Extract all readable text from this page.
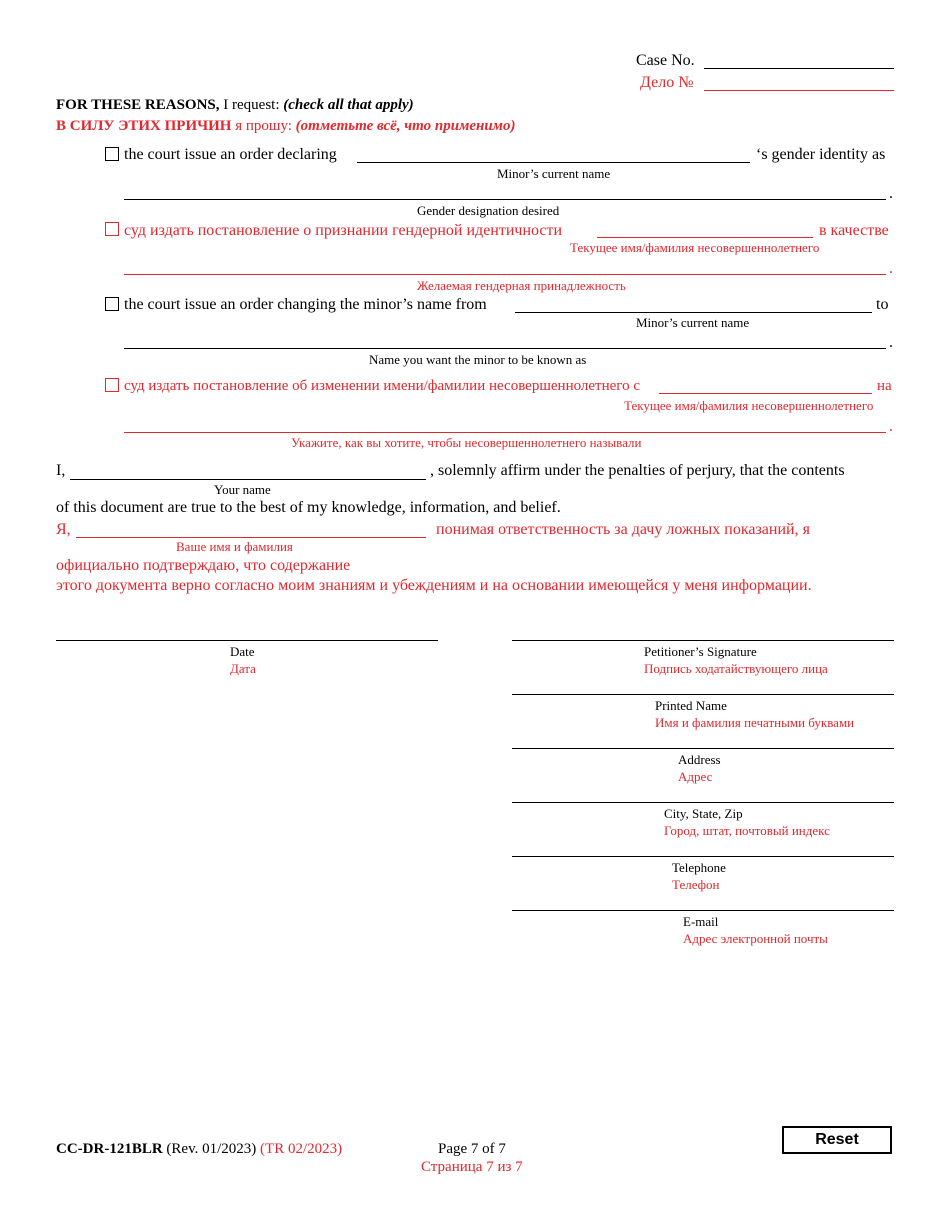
Case No.
Дело №
FOR THESE REASONS, I request: (check all that apply)
В СИЛУ ЭТИХ ПРИЧИН я прошу: (отметьте всё, что применимо)
the court issue an order declaring	‘s gender identity as
Minor’s current name
.
Gender designation desired
суд издать постановление о признании гендерной идентичности	в качестве
Текущее имя/фамилия несовершеннолетнего
.
Желаемая гендерная принадлежность
the court issue an order changing the minor’s name from	to
Minor’s current name
.
Name you want the minor to be known as
суд издать постановление об изменении имени/фамилии несовершеннолетнего с	на
Текущее имя/фамилия несовершеннолетнего
.
Укажите, как вы хотите, чтобы несовершеннолетнего называли
I,	, solemnly affirm under the penalties of perjury, that the contents
Your name
of this document are true to the best of my knowledge, information, and belief.
Я,	понимая ответственность за дачу ложных показаний, я
Ваше имя и фамилия
официально подтверждаю, что содержание
этого документа верно согласно моим знаниям и убеждениям и на основании имеющейся у меня информации.
Date
Дата
Petitioner’s Signature
Подпись ходатайствующего лица
Printed Name
Имя и фамилия печатными буквами
Address
Адрес
City, State, Zip
Город, штат, почтовый индекс
Telephone
Телефон
E-mail
Адрес электронной почты
CC-DR-121BLR (Rev. 01/2023) (TR 02/2023)	Page 7 of 7
Страница 7 из 7
Reset
